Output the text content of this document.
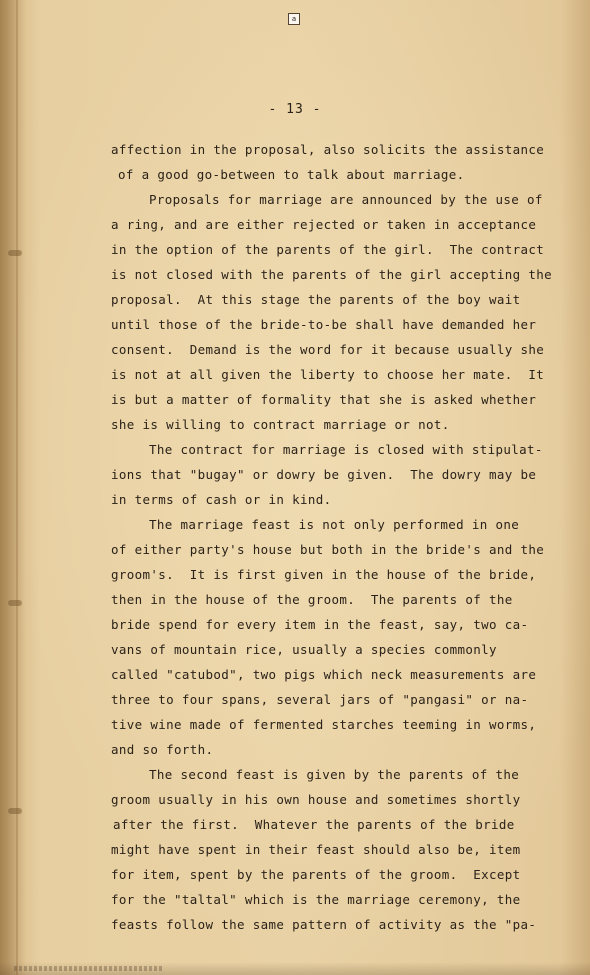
a
- 13 -
affection in the proposal, also solicits the assistance
of a good go-between to talk about marriage.
Proposals for marriage are announced by the use of
a ring, and are either rejected or taken in acceptance
in the option of the parents of the girl.  The contract
is not closed with the parents of the girl accepting the
proposal.  At this stage the parents of the boy wait
until those of the bride-to-be shall have demanded her
consent.  Demand is the word for it because usually she
is not at all given the liberty to choose her mate.  It
is but a matter of formality that she is asked whether
she is willing to contract marriage or not.
The contract for marriage is closed with stipulat-
ions that "bugay" or dowry be given.  The dowry may be
in terms of cash or in kind.
The marriage feast is not only performed in one
of either party's house but both in the bride's and the
groom's.  It is first given in the house of the bride,
then in the house of the groom.  The parents of the
bride spend for every item in the feast, say, two ca-
vans of mountain rice, usually a species commonly
called "catubod", two pigs which neck measurements are
three to four spans, several jars of "pangasi" or na-
tive wine made of fermented starches teeming in worms,
and so forth.
The second feast is given by the parents of the
groom usually in his own house and sometimes shortly
after the first.  Whatever the parents of the bride
might have spent in their feast should also be, item
for item, spent by the parents of the groom.  Except
for the "taltal" which is the marriage ceremony, the
feasts follow the same pattern of activity as the "pa-
